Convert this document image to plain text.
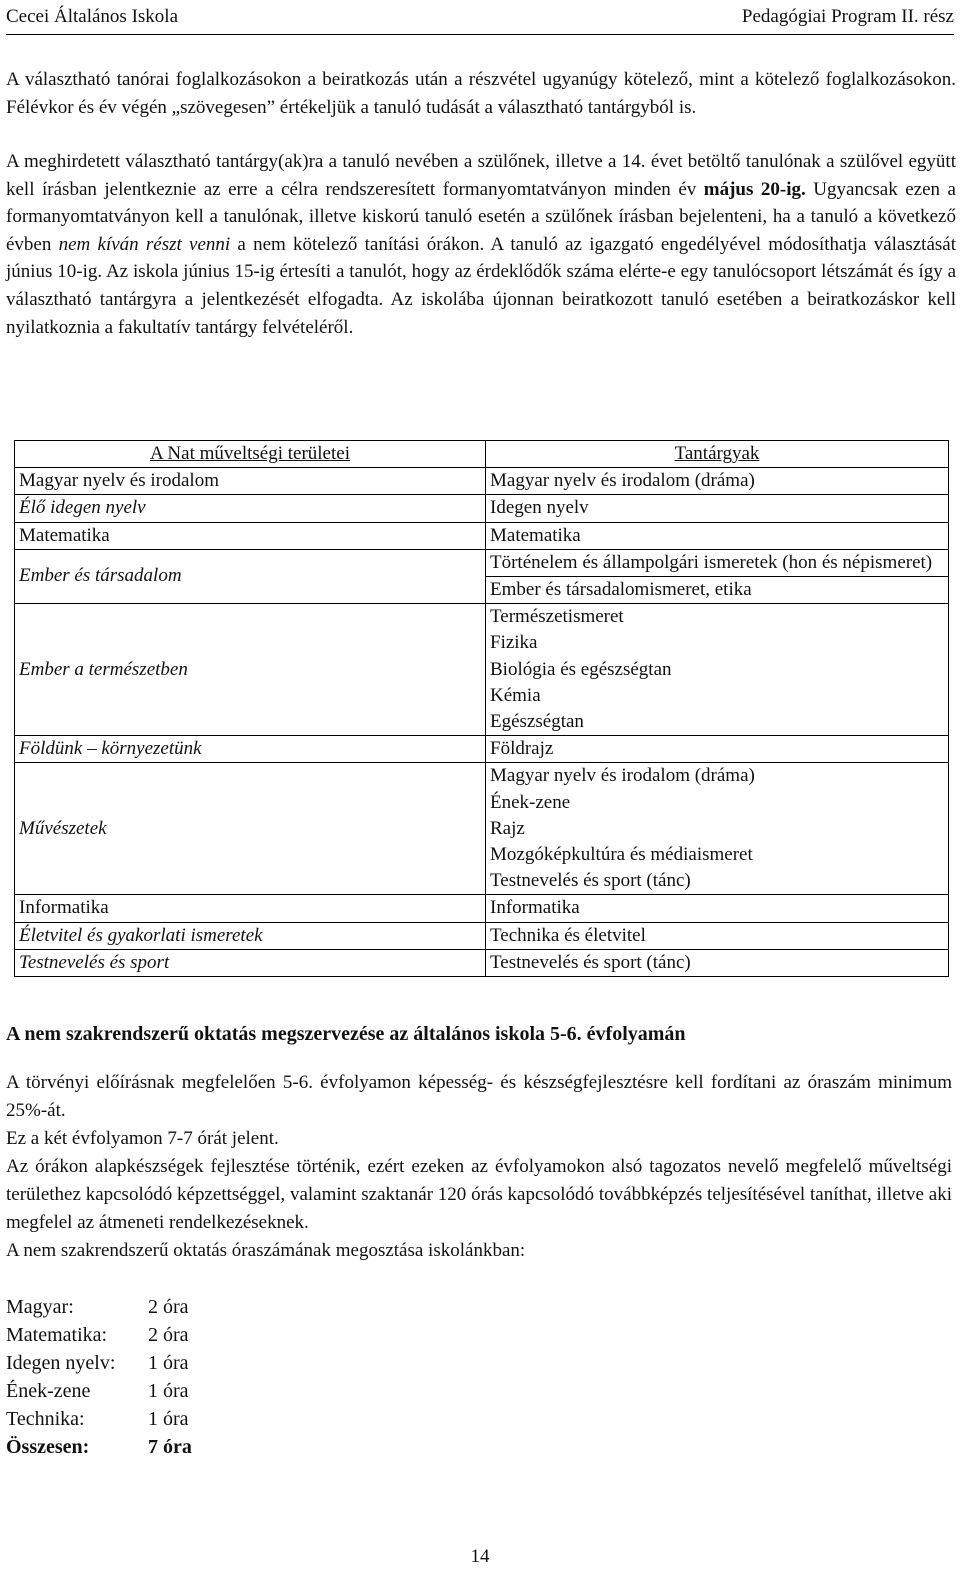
Cecei Általános Iskola	Pedagógiai Program II. rész

A választható tanórai foglalkozásokon a beiratkozás után a részvétel ugyanúgy kötelező, mint a kötelező foglalkozásokon. Félévkor és év végén „szövegesen” értékeljük a tanuló tudását a választható tantárgyból is.

A meghirdetett választható tantárgy(ak)ra a tanuló nevében a szülőnek, illetve a 14. évet betöltő tanulónak a szülővel együtt kell írásban jelentkeznie az erre a célra rendszeresített formanyomtatványon minden év május 20-ig. Ugyancsak ezen a formanyomtatványon kell a tanulónak, illetve kiskorú tanuló esetén a szülőnek írásban bejelenteni, ha a tanuló a következő évben nem kíván részt venni a nem kötelező tanítási órákon. A tanuló az igazgató engedélyével módosíthatja választását június 10-ig. Az iskola június 15-ig értesíti a tanulót, hogy az érdeklődők száma elérte-e egy tanulócsoport létszámát és így a választható tantárgyra a jelentkezését elfogadta. Az iskolába újonnan beiratkozott tanuló esetében a beiratkozáskor kell nyilatkoznia a fakultatív tantárgy felvételéről.

A Nat műveltségi területei	Tantárgyak
Magyar nyelv és irodalom	Magyar nyelv és irodalom (dráma)
Élő idegen nyelv	Idegen nyelv
Matematika	Matematika
Ember és társadalom	Történelem és állampolgári ismeretek (hon és népismeret)
	Ember és társadalomismeret, etika
Ember a természetben	Természetismeret
Fizika
Biológia és egészségtan
Kémia
Egészségtan

Földünk – környezetünk	Földrajz
Művészetek	Magyar nyelv és irodalom (dráma)
Ének-zene
Rajz
Mozgóképkultúra és médiaismeret
Testnevelés és sport (tánc)

Informatika	Informatika
Életvitel és gyakorlati ismeretek	Technika és életvitel
Testnevelés és sport	Testnevelés és sport (tánc)
A nem szakrendszerű oktatás megszervezése az általános iskola 5-6. évfolyamán
A törvényi előírásnak megfelelően 5-6. évfolyamon képesség- és készségfejlesztésre kell fordítani az óraszám minimum 25%-át.
Ez a két évfolyamon 7-7 órát jelent.
Az órákon alapkészségek fejlesztése történik, ezért ezeken az évfolyamokon alsó tagozatos nevelő megfelelő műveltségi területhez kapcsolódó képzettséggel, valamint szaktanár 120 órás kapcsolódó továbbképzés teljesítésével taníthat, illetve aki megfelel az átmeneti rendelkezéseknek.
A nem szakrendszerű oktatás óraszámának megosztása iskolánkban:
Magyar:	2 óra
Matematika: 2 óra
Idegen nyelv: 1 óra
Ének-zene	1 óra
Technika:	1 óra
Összesen:	7 óra
14
